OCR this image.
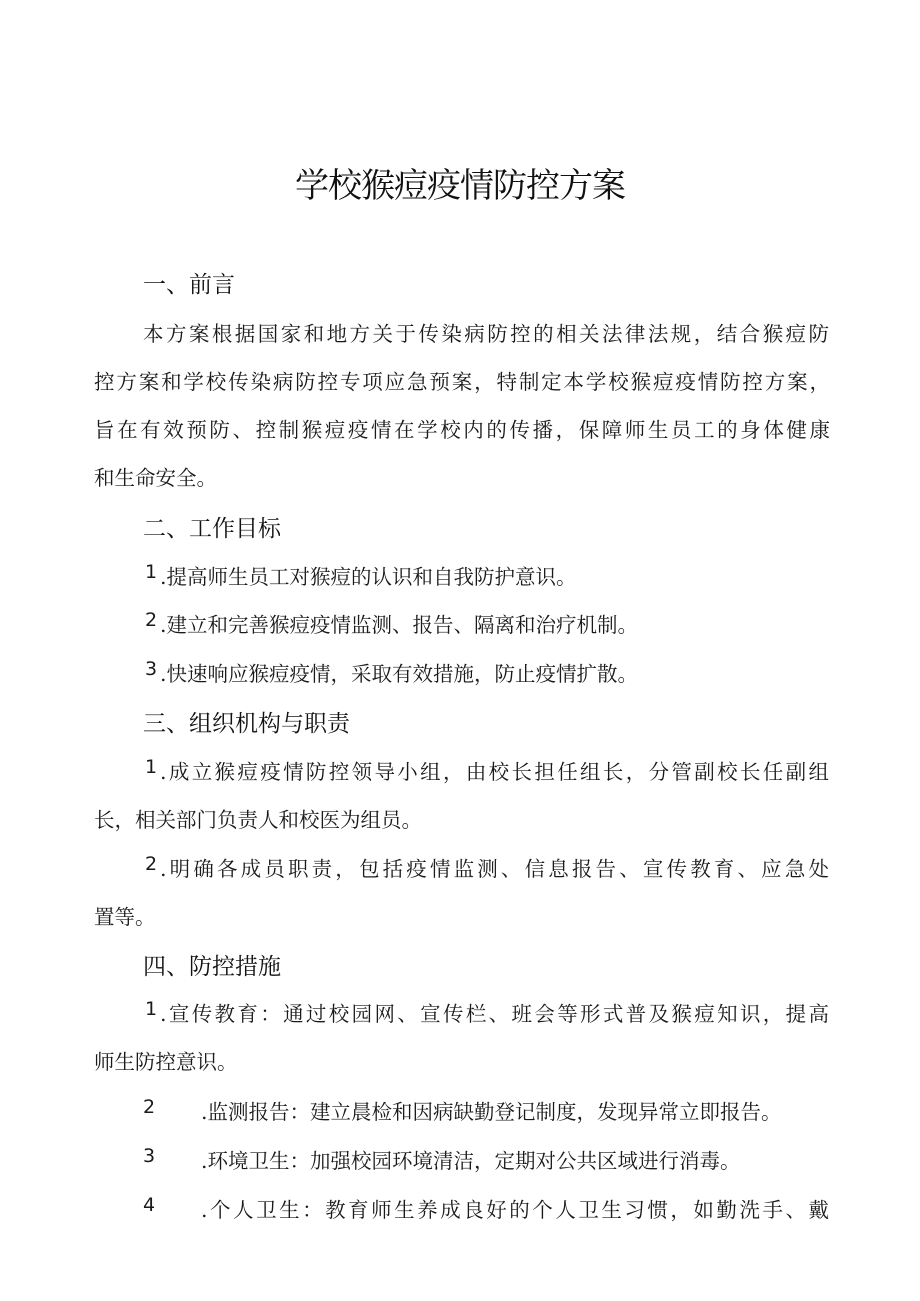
学校猴痘疫情防控方案
一、前言
本方案根据国家和地方关于传染病防控的相关法律法规，结合猴痘防
控方案和学校传染病防控专项应急预案，特制定本学校猴痘疫情防控方案，
旨在有效预防、控制猴痘疫情在学校内的传播，保障师生员工的身体健康
和生命安全。
二、工作目标
1 .提高师生员工对猴痘的认识和自我防护意识。
2 .建立和完善猴痘疫情监测、报告、隔离和治疗机制。
3 .快速响应猴痘疫情，采取有效措施，防止疫情扩散。
三、组织机构与职责
1 .成立猴痘疫情防控领导小组，由校长担任组长，分管副校长任副组
长，相关部门负责人和校医为组员。
2 .明确各成员职责，包括疫情监测、信息报告、宣传教育、应急处
置等。
四、防控措施
1 .宣传教育：通过校园网、宣传栏、班会等形式普及猴痘知识，提高
师生防控意识。
2 .监测报告：建立晨检和因病缺勤登记制度，发现异常立即报告。
3 .环境卫生：加强校园环境清洁，定期对公共区域进行消毒。
4 .个人卫生：教育师生养成良好的个人卫生习惯，如勤洗手、戴
